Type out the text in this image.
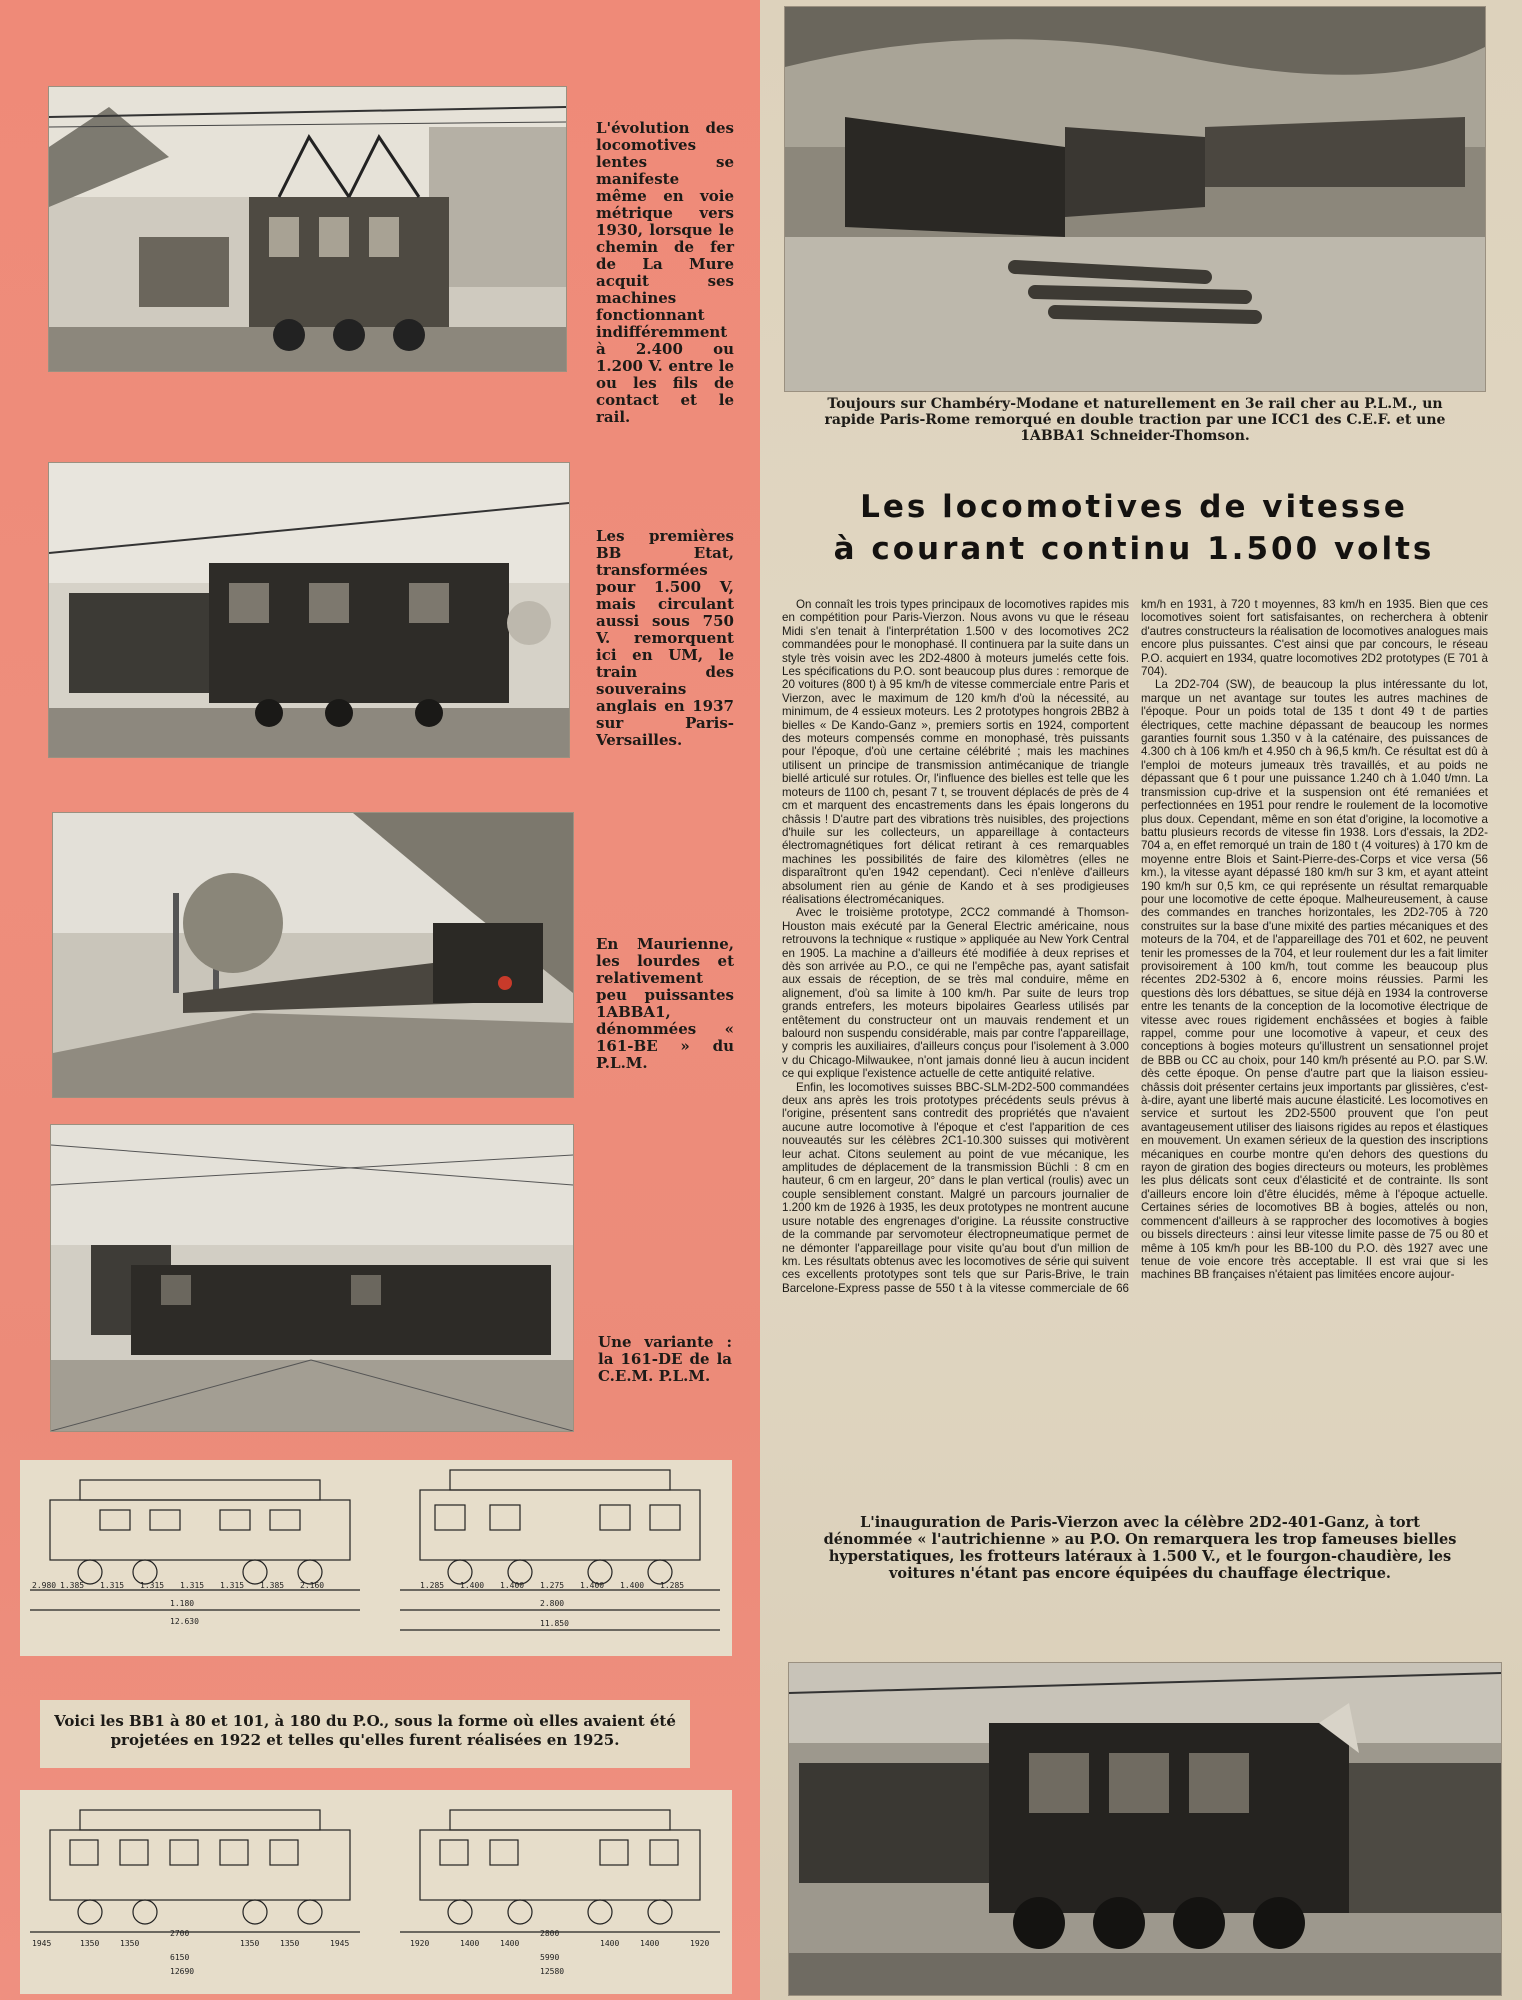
L'évolution des locomotives lentes se manifeste même en voie métrique vers 1930, lorsque le chemin de fer de La Mure acquit ses machines fonctionnant indifféremment à 2.400 ou 1.200 V. entre le ou les fils de contact et le rail.
Les premières BB Etat, transformées pour 1.500 V, mais circulant aussi sous 750 V. remorquent ici en UM, le train des souverains anglais en 1937 sur Paris-Versailles.
En Maurienne, les lourdes et relativement peu puissantes 1ABBA1, dénommées « 161-BE » du P.L.M.
Une variante : la 161-DE de la C.E.M. P.L.M.
2.980 1.385 1.315 1.315 1.315 1.315 1.385 2.160
1.180
12.630
1.285 1.400 1.400 1.275 1.400 1.400 1.285
2.800
11.850
Voici les BB1 à 80 et 101, à 180 du P.O., sous la forme où elles avaient été projetées en 1922 et telles qu'elles furent réalisées en 1925.
1945	1350	1350	1350	1350	1945
2700
6150
12690
1920	1400	1400	1400	1400	1920
2800
5990
12580
Toujours sur Chambéry-Modane et naturellement en 3e rail cher au P.L.M., un rapide Paris-Rome remorqué en double traction par une ICC1 des C.E.F. et une 1ABBA1 Schneider-Thomson.
Les locomotives de vitesse
à courant continu 1.500 volts

On connaît les trois types principaux de locomotives rapides mis en compétition pour Paris-Vierzon. Nous avons vu que le réseau Midi s'en tenait à l'interprétation 1.500 v des locomotives 2C2 commandées pour le monophasé. Il continuera par la suite dans un style très voisin avec les 2D2-4800 à moteurs jumelés cette fois. Les spécifications du P.O. sont beaucoup plus dures : remorque de 20 voitures (800 t) à 95 km/h de vitesse commerciale entre Paris et Vierzon, avec le maximum de 120 km/h d'où la nécessité, au minimum, de 4 essieux moteurs. Les 2 prototypes hongrois 2BB2 à bielles « De Kando-Ganz », premiers sortis en 1924, comportent des moteurs compensés comme en monophasé, très puissants pour l'époque, d'où une certaine célébrité ; mais les machines utilisent un principe de transmission antimécanique de triangle biellé articulé sur rotules. Or, l'influence des bielles est telle que les moteurs de 1100 ch, pesant 7 t, se trouvent déplacés de près de 4 cm et marquent des encastrements dans les épais longerons du châssis ! D'autre part des vibrations très nuisibles, des projections d'huile sur les collecteurs, un appareillage à contacteurs électromagnétiques fort délicat retirant à ces remarquables machines les possibilités de faire des kilomètres (elles ne disparaîtront qu'en 1942 cependant). Ceci n'enlève d'ailleurs absolument rien au génie de Kando et à ses prodigieuses réalisations électromécaniques.

Avec le troisième prototype, 2CC2 commandé à Thomson-Houston mais exécuté par la General Electric américaine, nous retrouvons la technique « rustique » appliquée au New York Central en 1905. La machine a d'ailleurs été modifiée à deux reprises et dès son arrivée au P.O., ce qui ne l'empêche pas, ayant satisfait aux essais de réception, de se très mal conduire, même en alignement, d'où sa limite à 100 km/h. Par suite de leurs trop grands entrefers, les moteurs bipolaires Gearless utilisés par entêtement du constructeur ont un mauvais rendement et un balourd non suspendu considérable, mais par contre l'appareillage, y compris les auxiliaires, d'ailleurs conçus pour l'isolement à 3.000 v du Chicago-Milwaukee, n'ont jamais donné lieu à aucun incident ce qui explique l'existence actuelle de cette antiquité relative.

Enfin, les locomotives suisses BBC-SLM-2D2-500 commandées deux ans après les trois prototypes précédents seuls prévus à l'origine, présentent sans contredit des propriétés que n'avaient aucune autre locomotive à l'époque et c'est l'apparition de ces nouveautés sur les célèbres 2C1-10.300 suisses qui motivèrent leur achat. Citons seulement au point de vue mécanique, les amplitudes de déplacement de la transmission Büchli : 8 cm en hauteur, 6 cm en largeur, 20° dans le plan vertical (roulis) avec un couple sensiblement constant. Malgré un parcours journalier de 1.200 km de 1926 à 1935, les deux prototypes ne montrent aucune usure notable des engrenages d'origine. La réussite constructive de la commande par servomoteur électropneumatique permet de ne démonter l'appareillage pour visite qu'au bout d'un million de km. Les résultats obtenus avec les locomotives de série qui suivent ces excellents prototypes sont tels que sur Paris-Brive, le train Barcelone-Express passe de 550 t à la vitesse commerciale de 66 km/h en 1931, à 720 t moyennes, 83 km/h en 1935. Bien que ces locomotives soient fort satisfaisantes, on recherchera à obtenir d'autres constructeurs la réalisation de locomotives analogues mais encore plus puissantes. C'est ainsi que par concours, le réseau P.O. acquiert en 1934, quatre locomotives 2D2 prototypes (E 701 à 704).

La 2D2-704 (SW), de beaucoup la plus intéressante du lot, marque un net avantage sur toutes les autres machines de l'époque. Pour un poids total de 135 t dont 49 t de parties électriques, cette machine dépassant de beaucoup les normes garanties fournit sous 1.350 v à la caténaire, des puissances de 4.300 ch à 106 km/h et 4.950 ch à 96,5 km/h. Ce résultat est dû à l'emploi de moteurs jumeaux très travaillés, et au poids ne dépassant que 6 t pour une puissance 1.240 ch à 1.040 t/mn. La transmission cup-drive et la suspension ont été remaniées et perfectionnées en 1951 pour rendre le roulement de la locomotive plus doux. Cependant, même en son état d'origine, la locomotive a battu plusieurs records de vitesse fin 1938. Lors d'essais, la 2D2-704 a, en effet remorqué un train de 180 t (4 voitures) à 170 km de moyenne entre Blois et Saint-Pierre-des-Corps et vice versa (56 km.), la vitesse ayant dépassé 180 km/h sur 3 km, et ayant atteint 190 km/h sur 0,5 km, ce qui représente un résultat remarquable pour une locomotive de cette époque. Malheureusement, à cause des commandes en tranches horizontales, les 2D2-705 à 720 construites sur la base d'une mixité des parties mécaniques et des moteurs de la 704, et de l'appareillage des 701 et 602, ne peuvent tenir les promesses de la 704, et leur roulement dur les a fait limiter provisoirement à 100 km/h, tout comme les beaucoup plus récentes 2D2-5302 à 6, encore moins réussies. Parmi les questions dès lors débattues, se situe déjà en 1934 la controverse entre les tenants de la conception de la locomotive électrique de vitesse avec roues rigidement enchâssées et bogies à faible rappel, comme pour une locomotive à vapeur, et ceux des conceptions à bogies moteurs qu'illustrent un sensationnel projet de BBB ou CC au choix, pour 140 km/h présenté au P.O. par S.W. dès cette époque. On pense d'autre part que la liaison essieu-châssis doit présenter certains jeux importants par glissières, c'est-à-dire, ayant une liberté mais aucune élasticité. Les locomotives en service et surtout les 2D2-5500 prouvent que l'on peut avantageusement utiliser des liaisons rigides au repos et élastiques en mouvement. Un examen sérieux de la question des inscriptions mécaniques en courbe montre qu'en dehors des questions du rayon de giration des bogies directeurs ou moteurs, les problèmes les plus délicats sont ceux d'élasticité et de contrainte. Ils sont d'ailleurs encore loin d'être élucidés, même à l'époque actuelle. Certaines séries de locomotives BB à bogies, attelés ou non, commencent d'ailleurs à se rapprocher des locomotives à bogies ou bissels directeurs : ainsi leur vitesse limite passe de 75 ou 80 et même à 105 km/h pour les BB-100 du P.O. dès 1927 avec une tenue de voie encore très acceptable. Il est vrai que si les machines BB françaises n'étaient pas limitées encore aujour-

L'inauguration de Paris-Vierzon avec la célèbre 2D2-401-Ganz, à tort dénommée « l'autrichienne » au P.O. On remarquera les trop fameuses bielles hyperstatiques, les frotteurs latéraux à 1.500 V., et le fourgon-chaudière, les voitures n'étant pas encore équipées du chauffage électrique.
